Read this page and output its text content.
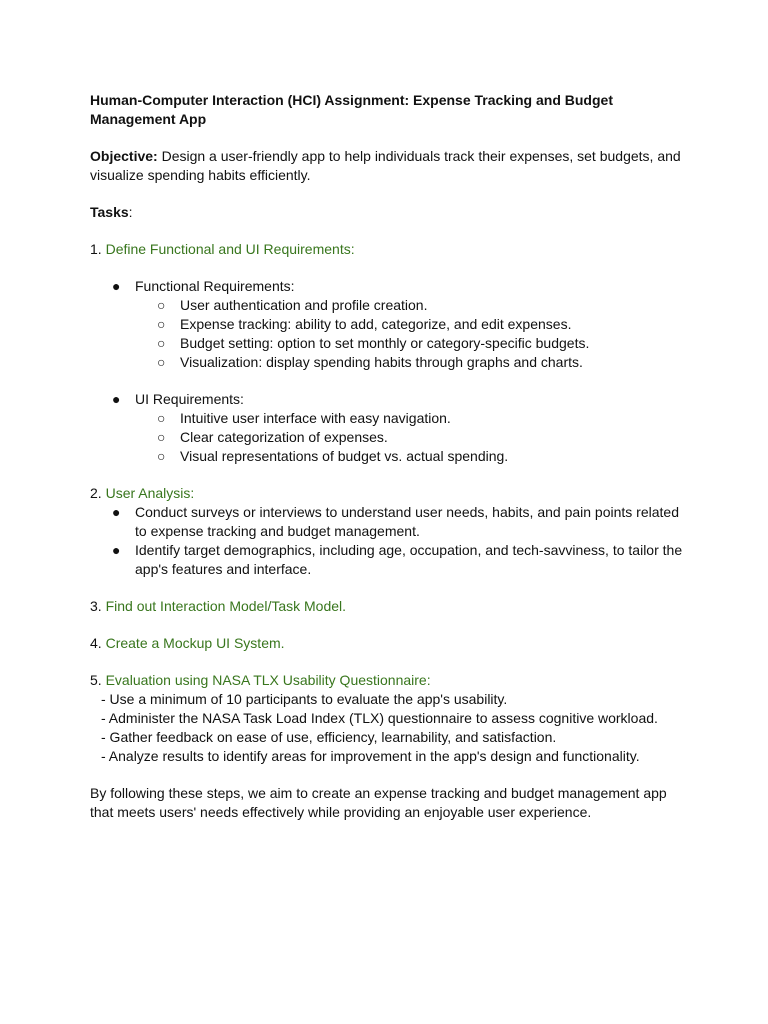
Human-Computer Interaction (HCI) Assignment: Expense Tracking and Budget Management App

Objective: Design a user-friendly app to help individuals track their expenses, set budgets, and visualize spending habits efficiently.

Tasks:

1. Define Functional and UI Requirements:

●	Functional Requirements:
○ User authentication and profile creation.
○ Expense tracking: ability to add, categorize, and edit expenses.
○ Budget setting: option to set monthly or category-specific budgets.
○ Visualization: display spending habits through graphs and charts.
●	UI Requirements:
○ Intuitive user interface with easy navigation.
○ Clear categorization of expenses.
○ Visual representations of budget vs. actual spending.

2. User Analysis:

●	Conduct surveys or interviews to understand user needs, habits, and pain points related to expense tracking and budget management.
●	Identify target demographics, including age, occupation, and tech-savviness, to tailor the app's features and interface.

3. Find out Interaction Model/Task Model.

4. Create a Mockup UI System.

5. Evaluation using NASA TLX Usability Questionnaire:

- Use a minimum of 10 participants to evaluate the app's usability.

- Administer the NASA Task Load Index (TLX) questionnaire to assess cognitive workload.

- Gather feedback on ease of use, efficiency, learnability, and satisfaction.

- Analyze results to identify areas for improvement in the app's design and functionality.

By following these steps, we aim to create an expense tracking and budget management app that meets users' needs effectively while providing an enjoyable user experience.
